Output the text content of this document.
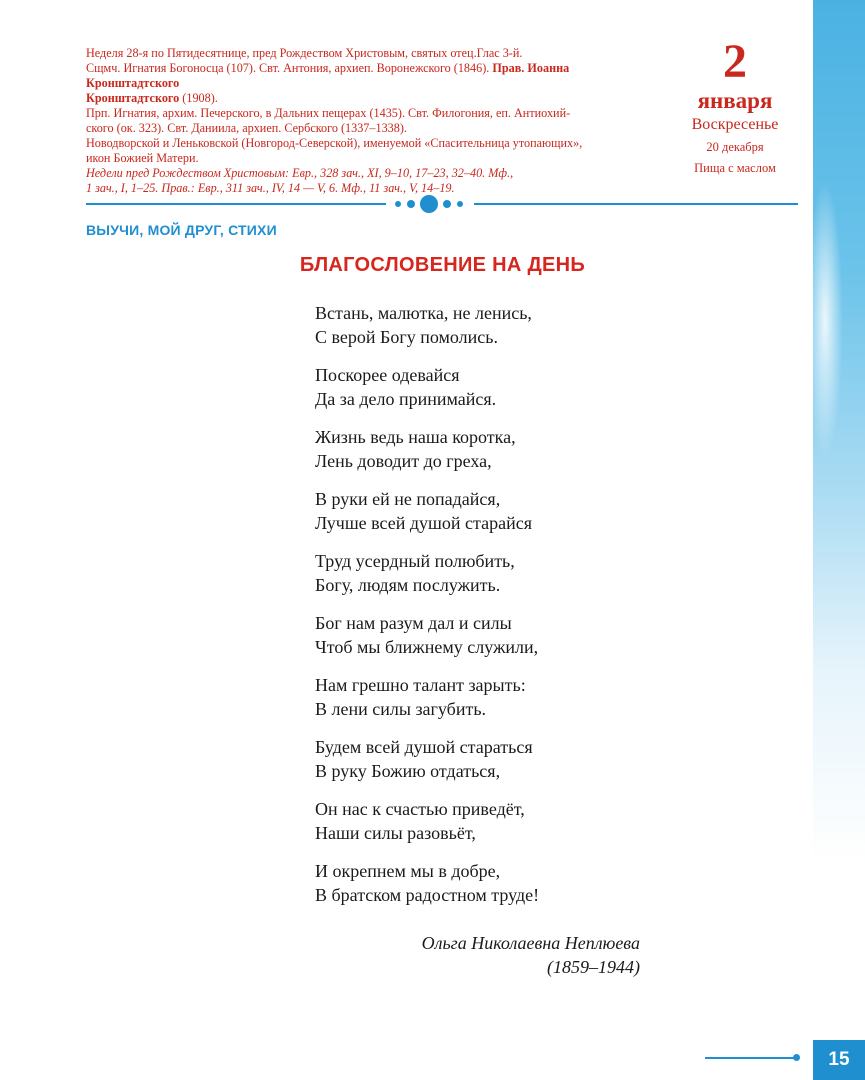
Неделя 28-я по Пятидесятнице, пред Рождеством Христовым, святых отец.Глас 3-й.

Сщмч. Игнатия Богоносца (107). Свт. Антония, архиеп. Воронежского (1846). Прав. Иоанна Кронштадтского

Кронштадтского (1908).

Прп. Игнатия, архим. Печерского, в Дальних пещерах (1435). Свт. Филогония, еп. Антиохий-

ского (ок. 323). Свт. Даниила, архиеп. Сербского (1337–1338).

Новодворской и Леньковской (Новгород-Северской), именуемой «Спасительница утопающих»,

икон Божией Матери.

Недели пред Рождеством Христовым: Евр., 328 зач., XI, 9–10, 17–23, 32–40. Мф.,

1 зач., I, 1–25. Прав.: Евр., 311 зач., IV, 14 — V, 6. Мф., 11 зач., V, 14–19.

2
января
Воскресенье
20 декабря
Пища с маслом
ВЫУЧИ, МОЙ ДРУГ, СТИХИ
БЛАГОСЛОВЕНИЕ НА ДЕНЬ
Встань, малютка, не ленись,
С верой Богу помолись.
Поскорее одевайся
Да за дело принимайся.
Жизнь ведь наша коротка,
Лень доводит до греха,
В руки ей не попадайся,
Лучше всей душой старайся
Труд усердный полюбить,
Богу, людям послужить.
Бог нам разум дал и силы
Чтоб мы ближнему служили,
Нам грешно талант зарыть:
В лени силы загубить.
Будем всей душой стараться
В руку Божию отдаться,
Он нас к счастью приведёт,
Наши силы разовьёт,
И окрепнем мы в добре,
В братском радостном труде!
Ольга Николаевна Неплюева
(1859–1944)
15
